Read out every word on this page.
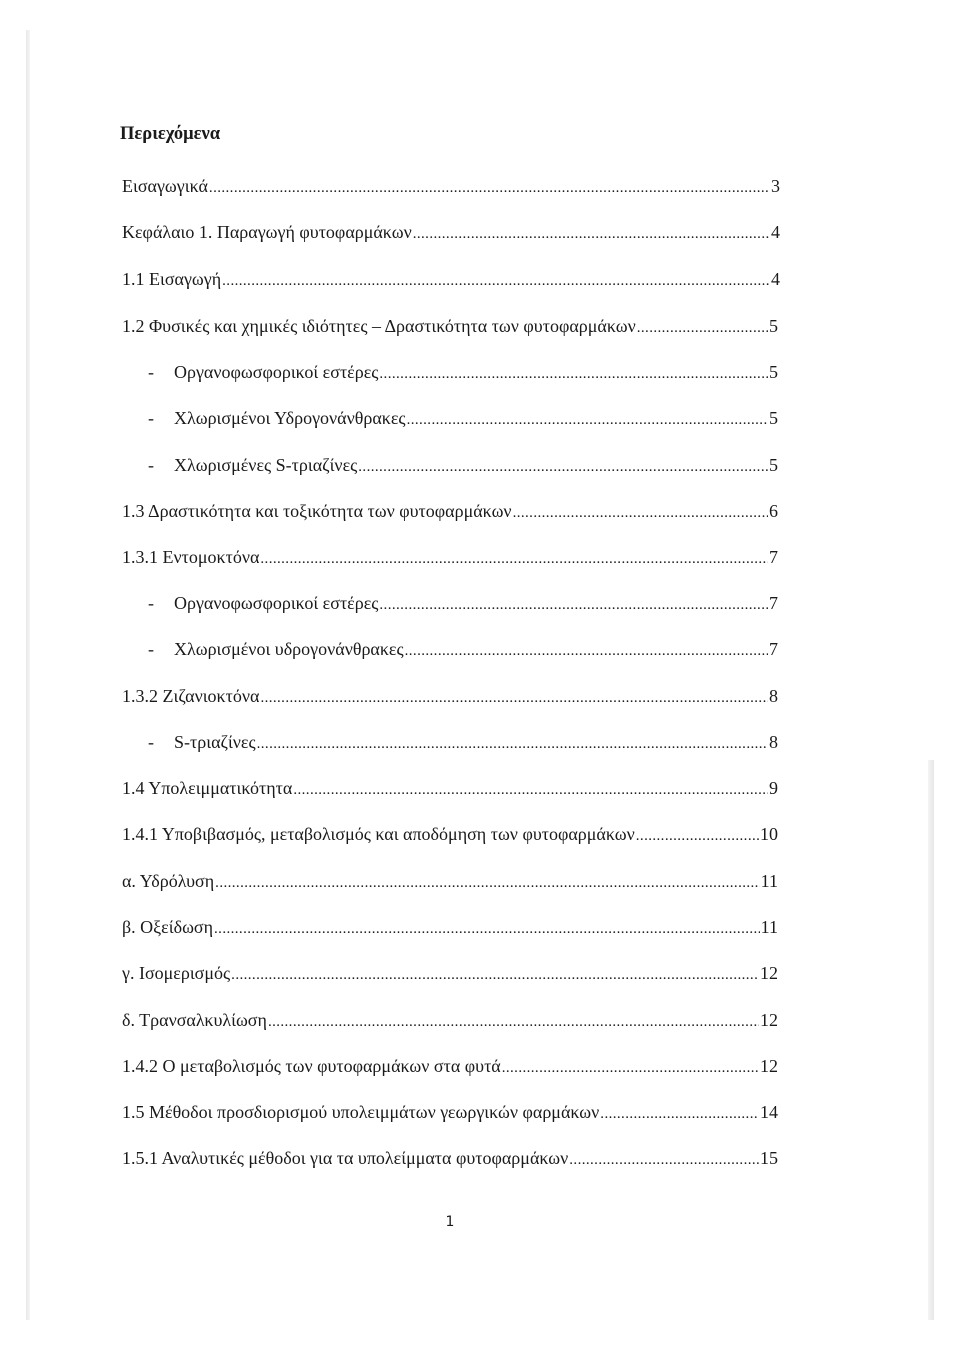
Περιεχόμενα
Εισαγωγικά .....	3
Κεφάλαιο 1. Παραγωγή φυτοφαρμάκων .....	4
1.1 Εισαγωγή .....	4
1.2 Φυσικές και χημικές ιδιότητες – Δραστικότητα των φυτοφαρμάκων .....	5
-	Οργανοφωσφορικοί εστέρες .....	5
-	Χλωρισμένοι Υδρογονάνθρακες .....	5
-	Χλωρισμένες S-τριαζίνες .....	5
1.3 Δραστικότητα και τοξικότητα των φυτοφαρμάκων .....	6
1.3.1 Εντομοκτόνα .....	7
-	Οργανοφωσφορικοί εστέρες .....	7
-	Χλωρισμένοι υδρογονάνθρακες .....	7
1.3.2 Ζιζανιοκτόνα .....	8
-	S-τριαζίνες .....	8
1.4 Υπολειμματικότητα .....	9
1.4.1 Υποβιβασμός, μεταβολισμός και αποδόμηση των φυτοφαρμάκων .....	10
α. Υδρόλυση .....	11
β. Οξείδωση .....	11
γ. Ισομερισμός .....	12
δ. Τρανσαλκυλίωση .....	12
1.4.2 Ο μεταβολισμός των φυτοφαρμάκων στα φυτά .....	12
1.5 Μέθοδοι προσδιορισμού υπολειμμάτων γεωργικών φαρμάκων .....	14
1.5.1 Αναλυτικές μέθοδοι για τα υπολείμματα φυτοφαρμάκων .....	15
1
